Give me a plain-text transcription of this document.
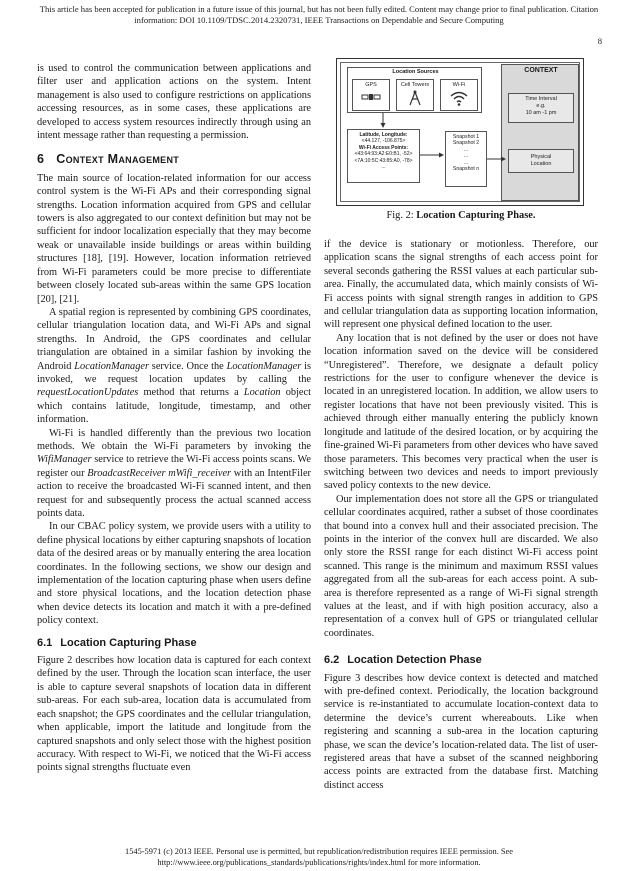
This article has been accepted for publication in a future issue of this journal, but has not been fully edited. Content may change prior to final publication. Citation
information: DOI 10.1109/TDSC.2014.2320731, IEEE Transactions on Dependable and Secure Computing
8

is used to control the communication between applications and filter user and application actions on the system. Intent management is also used to configure restrictions on applications accessing resources, as in some cases, these applications are developed to access system resources indirectly through using an intent message rather than requesting a permission.

6 Context Management

The main source of location-related information for our access control system is the Wi-Fi APs and their corresponding signal strengths. Location information acquired from GPS and cellular towers is also aggregated to our context definition but may not be sufficient for indoor localization especially that they may become weak or unavailable inside buildings or areas within building structures [18], [19]. However, location information retrieved from Wi-Fi parameters could be more precise to differentiate between closely located sub-areas within the same GPS location [20], [21].

A spatial region is represented by combining GPS coordinates, cellular triangulation location data, and Wi-Fi APs and signal strengths. In Android, the GPS coordinates and cellular triangulation are obtained in a similar fashion by invoking the Android LocationManager service. Once the LocationManager is invoked, we request location updates by calling the requestLocationUpdates method that returns a Location object which contains latitude, longitude, timestamp, and other information.

Wi-Fi is handled differently than the previous two location methods. We obtain the Wi-Fi parameters by invoking the WifiManager service to retrieve the Wi-Fi access points scans. We register our BroadcastReceiver mWifi_receiver with an IntentFiler action to receive the broadcasted Wi-Fi scanned intent, and then request for and subsequently process the actual scanned access points data.

In our CBAC policy system, we provide users with a utility to define physical locations by either capturing snapshots of location data of the desired areas or by manually entering the area location coordinates. In the following sections, we show our design and implementation of the location capturing phase when users define and store physical locations, and the location detection phase when device detects its location and match it with a pre-defined policy context.

6.1 Location Capturing Phase

Figure 2 describes how location data is captured for each context defined by the user. Through the location scan interface, the user is able to capture several snapshots of location data in different sub-areas. For each sub-area, location data is accumulated from each snapshot; the GPS coordinates and the cellular triangulation, when applicable, import the latitude and longitude from the captured snapshots and only select those with the highest position accuracy. With respect to Wi-Fi, we noticed that the Wi-Fi access points signal strengths fluctuate even

Location Sources
GPS	Cell Towers	Wi-Fi
Latitude, Longitude:
<44.127, -106.875>
Wi-Fi Access Points:
<43:64:93:A2:E0:B1, -52>
<7A:10:5C:43:85:A0, -78>
...
Snapshot 1
Snapshot 2
...
...
...
Snapshot n
CONTEXT
Time Interval
e.g.
10 am -1 pm
Physical
Location
Fig. 2: Location Capturing Phase.

if the device is stationary or motionless. Therefore, our application scans the signal strengths of each access point for several seconds gathering the RSSI values at each particular sub-area. Finally, the accumulated data, which mainly consists of Wi-Fi access points with signal strength ranges in addition to GPS and cellular triangulation data as supporting location information, will represent one physical defined location to the user.

Any location that is not defined by the user or does not have location information saved on the device will be considered “Unregistered”. Therefore, we designate a default policy restrictions for the user to configure whenever the device is located in an unregistered location. In addition, we allow users to register locations that have not been previously visited. This is achieved through either manually entering the publicly known longitude and latitude of the desired location, or by acquiring the fine-grained Wi-Fi parameters from other devices who have saved those parameters. This becomes very practical when the user is switching between two devices and needs to import previously saved policy contexts to the new device.

Our implementation does not store all the GPS or triangulated cellular coordinates acquired, rather a subset of those coordinates that bound into a convex hull and their associated precision. The points in the interior of the convex hull are discarded. We also only store the RSSI range for each distinct Wi-Fi access point scanned. This range is the minimum and maximum RSSI values aggregated from all the sub-areas for each access point. A sub-area is therefore represented as a range of Wi-Fi signal strength values at the least, and if with high position accuracy, also a representation of a convex hull of GPS or triangulated cellular coordinates.

6.2 Location Detection Phase

Figure 3 describes how device context is detected and matched with pre-defined context. Periodically, the location background service is re-instantiated to accumulate location-context data to determine the device’s current whereabouts. Like when registering and scanning a sub-area in the location capturing phase, we scan the device’s location-related data. The list of user-registered areas that have a subset of the scanned neighboring access points are extracted from the database first. Matching distinct access

1545-5971 (c) 2013 IEEE. Personal use is permitted, but republication/redistribution requires IEEE permission. See
http://www.ieee.org/publications_standards/publications/rights/index.html for more information.
